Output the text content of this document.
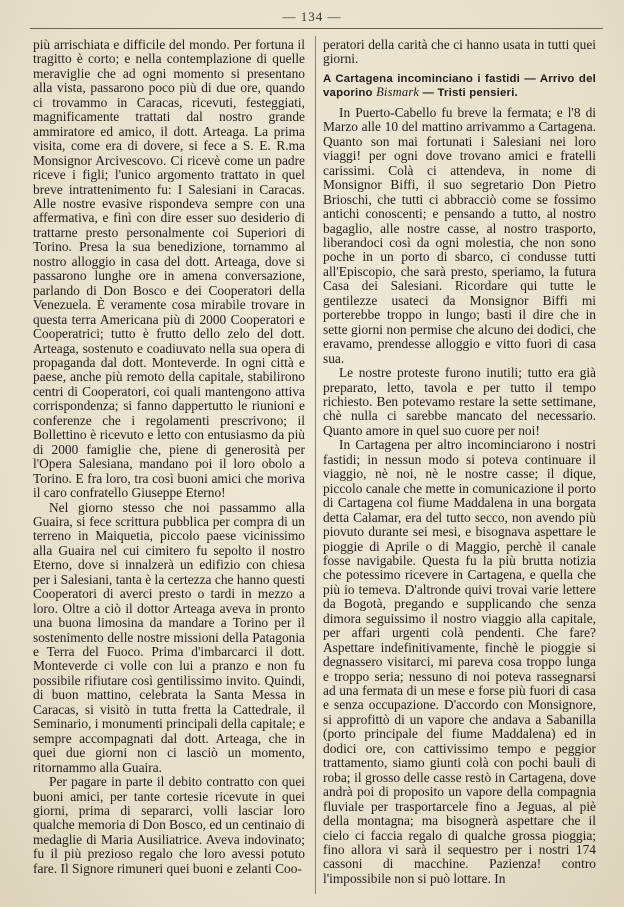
— 134 —

più arrischiata e difficile del mondo. Per fortuna il tragitto è corto; e nella contemplazione di quelle meraviglie che ad ogni momento si presentano alla vista, passarono poco più di due ore, quando ci trovammo in Caracas, ricevuti, festeggiati, magnificamente trattati dal nostro grande ammiratore ed amico, il dott. Arteaga. La prima visita, come era di dovere, si fece a S. E. R.ma Monsignor Arcivescovo. Ci ricevè come un padre riceve i figli; l'unico argomento trattato in quel breve intrattenimento fu: I Salesiani in Caracas. Alle nostre evasive rispondeva sempre con una affermativa, e finì con dire esser suo desiderio di trattarne presto personalmente coi Superiori di Torino. Presa la sua benedizione, tornammo al nostro alloggio in casa del dott. Arteaga, dove si passarono lunghe ore in amena conversazione, parlando di Don Bosco e dei Cooperatori della Venezuela. È veramente cosa mirabile trovare in questa terra Americana più di 2000 Cooperatori e Cooperatrici; tutto è frutto dello zelo del dott. Arteaga, sostenuto e coadiuvato nella sua opera di propaganda dal dott. Monteverde. In ogni città e paese, anche più remoto della capitale, stabilirono centri di Cooperatori, coi quali mantengono attiva corrispondenza; si fanno dappertutto le riunioni e conferenze che i regolamenti prescrivono; il Bollettino è ricevuto e letto con entusiasmo da più di 2000 famiglie che, piene di generosità per l'Opera Salesiana, mandano poi il loro obolo a Torino. E fra loro, tra così buoni amici che moriva il caro confratello Giuseppe Eterno!

Nel giorno stesso che noi passammo alla Guaira, si fece scrittura pubblica per compra di un terreno in Maiquetia, piccolo paese vicinissimo alla Guaira nel cui cimitero fu sepolto il nostro Eterno, dove si innalzerà un edifizio con chiesa per i Salesiani, tanta è la certezza che hanno questi Cooperatori di averci presto o tardi in mezzo a loro. Oltre a ciò il dottor Arteaga aveva in pronto una buona limosina da mandare a Torino per il sostenimento delle nostre missioni della Patagonia e Terra del Fuoco. Prima d'imbarcarci il dott. Monteverde ci volle con lui a pranzo e non fu possibile rifiutare così gentilissimo invito. Quindi, di buon mattino, celebrata la Santa Messa in Caracas, si visitò in tutta fretta la Cattedrale, il Seminario, i monumenti principali della capitale; e sempre accompagnati dal dott. Arteaga, che in quei due giorni non ci lasciò un momento, ritornammo alla Guaira.

Per pagare in parte il debito contratto con quei buoni amici, per tante cortesie ricevute in quei giorni, prima di separarci, volli lasciar loro qualche memoria di Don Bosco, ed un centinaio di medaglie di Maria Ausiliatrice. Aveva indovinato; fu il più prezioso regalo che loro avessi potuto fare. Il Signore rimuneri quei buoni e zelanti Coo-

peratori della carità che ci hanno usata in tutti quei giorni.

A Cartagena incominciano i fastidi — Arrivo del vaporino Bismark — Tristi pensieri.

In Puerto-Cabello fu breve la fermata; e l'8 di Marzo alle 10 del mattino arrivammo a Cartagena. Quanto son mai fortunati i Salesiani nei loro viaggi! per ogni dove trovano amici e fratelli carissimi. Colà ci attendeva, in nome di Monsignor Biffi, il suo segretario Don Pietro Brioschi, che tutti ci abbracciò come se fossimo antichi conoscenti; e pensando a tutto, al nostro bagaglio, alle nostre casse, al nostro trasporto, liberandoci così da ogni molestia, che non sono poche in un porto di sbarco, ci condusse tutti all'Episcopio, che sarà presto, speriamo, la futura Casa dei Salesiani. Ricordare qui tutte le gentilezze usateci da Monsignor Biffi mi porterebbe troppo in lungo; basti il dire che in sette giorni non permise che alcuno dei dodici, che eravamo, prendesse alloggio e vitto fuori di casa sua.

Le nostre proteste furono inutili; tutto era già preparato, letto, tavola e per tutto il tempo richiesto. Ben potevamo restare la sette settimane, chè nulla ci sarebbe mancato del necessario. Quanto amore in quel suo cuore per noi!

In Cartagena per altro incominciarono i nostri fastidi; in nessun modo si poteva continuare il viaggio, nè noi, nè le nostre casse; il dique, piccolo canale che mette in comunicazione il porto di Cartagena col fiume Maddalena in una borgata detta Calamar, era del tutto secco, non avendo più piovuto durante sei mesi, e bisognava aspettare le pioggie di Aprile o di Maggio, perchè il canale fosse navigabile. Questa fu la più brutta notizia che potessimo ricevere in Cartagena, e quella che più io temeva. D'altronde quivi trovai varie lettere da Bogotà, pregando e supplicando che senza dimora seguissimo il nostro viaggio alla capitale, per affari urgenti colà pendenti. Che fare? Aspettare indefinitivamente, finchè le pioggie si degnassero visitarci, mi pareva cosa troppo lunga e troppo seria; nessuno di noi poteva rassegnarsi ad una fermata di un mese e forse più fuori di casa e senza occupazione. D'accordo con Monsignore, si approfittò di un vapore che andava a Sabanilla (porto principale del fiume Maddalena) ed in dodici ore, con cattivissimo tempo e peggior trattamento, siamo giunti colà con pochi bauli di roba; il grosso delle casse restò in Cartagena, dove andrà poi di proposito un vapore della compagnia fluviale per trasportarcele fino a Jeguas, al piè della montagna; ma bisognerà aspettare che il cielo ci faccia regalo di qualche grossa pioggia; fino allora vi sarà il sequestro per i nostri 174 cassoni di macchine. Pazienza! contro l'impossibile non si può lottare. In
